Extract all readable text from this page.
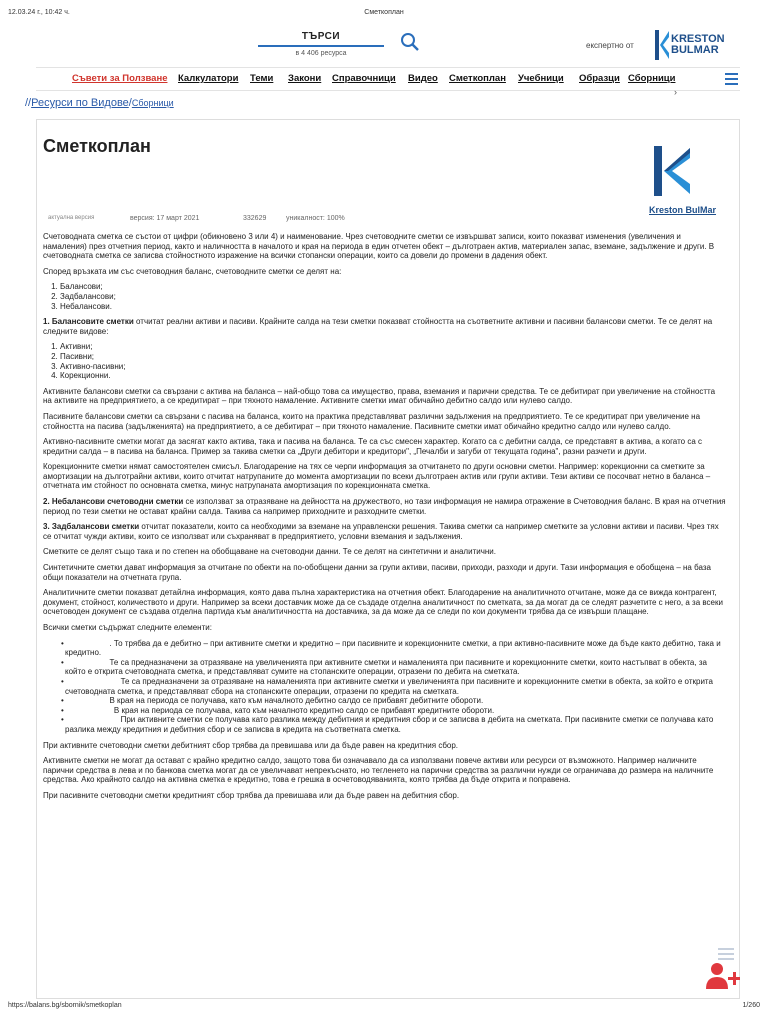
12.03.24 г., 10:42 ч.	Сметкоплан
ТЪРСИ
в 4 406 ресурса
експертно от
KRESTON
BULMAR
Съвети за Ползване Калкулатори Теми Закони Справочници Видео Сметкоплан Учебници Образци Сборници
›
//Ресурси по Видове/Сборници
Сметкоплан
актуална версия	версия: 17 март 2021	332629	уникалност: 100%
Kreston BulMar

Счетоводната сметка се състои от цифри (обикновено 3 или 4) и наименование. Чрез счетоводните сметки се извършват записи, които показват изменения (увеличения и намаления) през отчетния период, както и наличността в началото и края на периода в един отчетен обект – дълготраен актив, материален запас, вземане, задължение и други. В счетоводната сметка се записва стойностното изражение на всички стопански операции, които са довели до промени в дадения обект.

Според връзката им със счетоводния баланс, счетоводните сметки се делят на:

1. Балансови;
2. Задбалансови;
3. Небалансови.

1. Балансовите сметки отчитат реални активи и пасиви. Крайните салда на тези сметки показват стойността на съответните активни и пасивни балансови сметки. Те се делят на следните видове:

1. Активни;
2. Пасивни;
3. Активно-пасивни;
4. Корекционни.

Активните балансови сметки са свързани с актива на баланса – най-общо това са имущество, права, вземания и парични средства. Те се дебитират при увеличение на стойността на активите на предприятието, а се кредитират – при тяхното намаление. Активните сметки имат обичайно дебитно салдо или нулево салдо.

Пасивните балансови сметки са свързани с пасива на баланса, които на практика представляват различни задължения на предприятието. Те се кредитират при увеличение на стойността на пасива (задълженията) на предприятието, а се дебитират – при тяхното намаление. Пасивните сметки имат обичайно кредитно салдо или нулево салдо.

Активно-пасивните сметки могат да засягат както актива, така и пасива на баланса. Те са със смесен характер. Когато са с дебитни салда, се представят в актива, а когато са с кредитни салда – в пасива на баланса. Пример за такива сметки са „Други дебитори и кредитори", „Печалби и загуби от текущата година", разни разчети и други.

Корекционните сметки нямат самостоятелен смисъл. Благодарение на тях се черпи информация за отчитането по други основни сметки. Например: корекционни са сметките за амортизации на дълготрайни активи, които отчитат натрупаните до момента амортизации по всеки дълготраен актив или групи активи. Тези активи се посочват нетно в баланса – отчетната им стойност по основната сметка, минус натрупаната амортизация по корекционната сметка.

2. Небалансови счетоводни сметки се използват за отразяване на дейността на дружеството, но тази информация не намира отражение в Счетоводния баланс. В края на отчетния период по тези сметки не остават крайни салда. Такива са например приходните и разходните сметки.

3. Задбалансови сметки отчитат показатели, които са необходими за вземане на управленски решения. Такива сметки са например сметките за условни активи и пасиви. Чрез тях се отчитат чужди активи, които се използват или съхраняват в предприятието, условни вземания и задължения.

Сметките се делят също така и по степен на обобщаване на счетоводни данни. Те се делят на синтетични и аналитични.

Синтетичните сметки дават информация за отчитане по обекти на по-обобщени данни за групи активи, пасиви, приходи, разходи и други. Тази информация е обобщена – на база общи показатели на отчетната група.

Аналитичните сметки показват детайлна информация, която дава пълна характеристика на отчетния обект. Благодарение на аналитичното отчитане, може да се вижда контрагент, документ, стойност, количеството и други. Например за всеки доставчик може да се създаде отделна аналитичност по сметката, за да могат да се следят разчетите с него, а за всеки осчетоводен документ се създава отделна партида към аналитичността на доставчика, за да може да се следи по кои документи трябва да се извърши плащане.

Всички сметки съдържат следните елементи:

•                     . То трябва да е дебитно – при активните сметки и кредитно – при пасивните и корекционните сметки, а при активно-пасивните може да бъде както дебитно, така и кредитно.
•                     Те са предназначени за отразяване на увеличенията при активните сметки и намаленията при пасивните и корекционните сметки, които настъпват в обекта, за който е открита счетоводната сметка, и представляват сумите на стопанските операции, отразени по дебита на сметката.
•                          Те са предназначени за отразяване на намаленията при активните сметки и увеличенията при пасивните и корекционните сметки в обекта, за който е открита счетоводната сметка, и представляват сбора на стопанските операции, отразени по кредита на сметката.
•                     В края на периода се получава, като към началното дебитно салдо се прибавят дебитните обороти.
•                       В края на периода се получава, като към началното кредитно салдо се прибавят кредитните обороти.
•                          При активните сметки се получава като разлика между дебитния и кредитния сбор и се записва в дебита на сметката. При пасивните сметки се получава като разлика между кредитния и дебитния сбор и се записва в кредита на съответната сметка.

При активните счетоводни сметки дебитният сбор трябва да превишава или да бъде равен на кредитния сбор.

Активните сметки не могат да остават с крайно кредитно салдо, защото това би означавало да са използвани повече активи или ресурси от възможното. Например наличните парични средства в лева и по банкова сметка могат да се увеличават непрекъснато, но тегленето на парични средства за различни нужди се ограничава до размера на наличните средства. Ако крайното салдо на активна сметка е кредитно, това е грешка в осчетоводяванията, която трябва да бъде открита и поправена.

При пасивните счетоводни сметки кредитният сбор трябва да превишава или да бъде равен на дебитния сбор.

https://balans.bg/sbornik/smetkoplan	1/260
